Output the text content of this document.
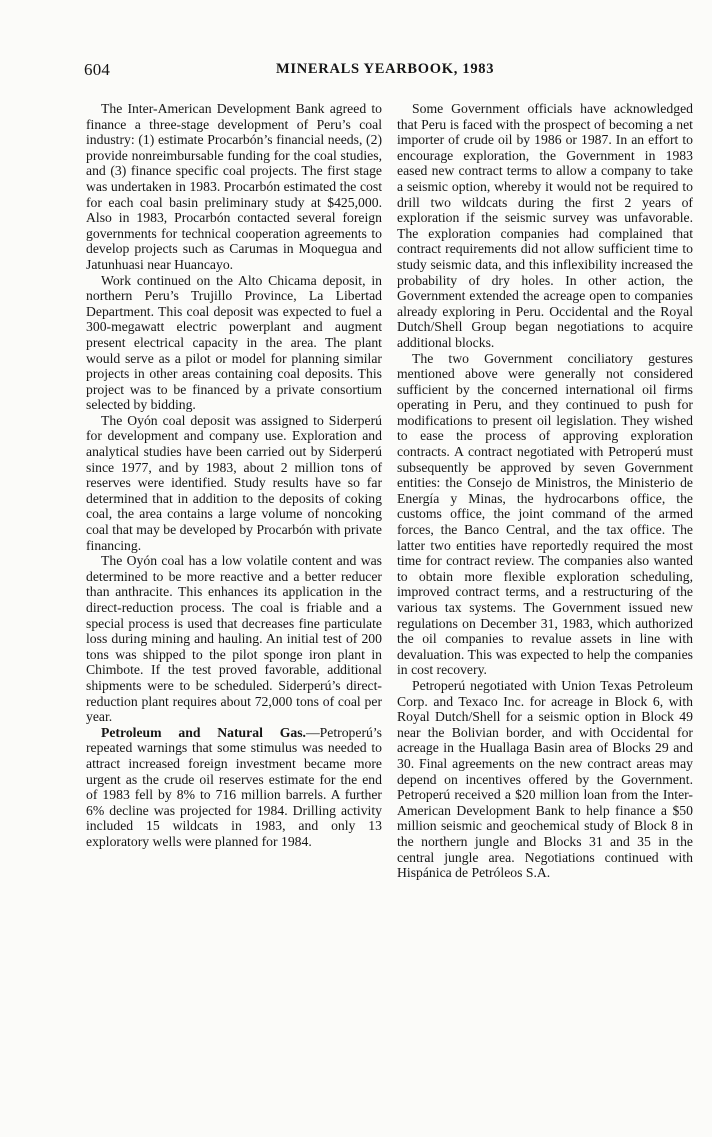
604	MINERALS YEARBOOK, 1983

The Inter-American Development Bank agreed to finance a three-stage development of Peru’s coal industry: (1) estimate Procarbón’s financial needs, (2) provide nonreimbursable funding for the coal studies, and (3) finance specific coal projects. The first stage was undertaken in 1983. Procarbón estimated the cost for each coal basin preliminary study at $425,000. Also in 1983, Procarbón contacted several foreign governments for technical cooperation agreements to develop projects such as Carumas in Moquegua and Jatunhuasi near Huancayo.

Work continued on the Alto Chicama deposit, in northern Peru’s Trujillo Province, La Libertad Department. This coal deposit was expected to fuel a 300-megawatt electric powerplant and augment present electrical capacity in the area. The plant would serve as a pilot or model for planning similar projects in other areas containing coal deposits. This project was to be financed by a private consortium selected by bidding.

The Oyón coal deposit was assigned to Siderperú for development and company use. Exploration and analytical studies have been carried out by Siderperú since 1977, and by 1983, about 2 million tons of reserves were identified. Study results have so far determined that in addition to the deposits of coking coal, the area contains a large volume of noncoking coal that may be developed by Procarbón with private financing.

The Oyón coal has a low volatile content and was determined to be more reactive and a better reducer than anthracite. This enhances its application in the direct-reduction process. The coal is friable and a special process is used that decreases fine particulate loss during mining and hauling. An initial test of 200 tons was shipped to the pilot sponge iron plant in Chimbote. If the test proved favorable, additional shipments were to be scheduled. Siderperú’s direct-reduction plant requires about 72,000 tons of coal per year.

Petroleum and Natural Gas.—Petroperú’s repeated warnings that some stimulus was needed to attract increased foreign investment became more urgent as the crude oil reserves estimate for the end of 1983 fell by 8% to 716 million barrels. A further 6% decline was projected for 1984. Drilling activity included 15 wildcats in 1983, and only 13 exploratory wells were planned for 1984.

Some Government officials have acknowledged that Peru is faced with the prospect of becoming a net importer of crude oil by 1986 or 1987. In an effort to encourage exploration, the Government in 1983 eased new contract terms to allow a company to take a seismic option, whereby it would not be required to drill two wildcats during the first 2 years of exploration if the seismic survey was unfavorable. The exploration companies had complained that contract requirements did not allow sufficient time to study seismic data, and this inflexibility increased the probability of dry holes. In other action, the Government extended the acreage open to companies already exploring in Peru. Occidental and the Royal Dutch/Shell Group began negotiations to acquire additional blocks.

The two Government conciliatory gestures mentioned above were generally not considered sufficient by the concerned international oil firms operating in Peru, and they continued to push for modifications to present oil legislation. They wished to ease the process of approving exploration contracts. A contract negotiated with Petroperú must subsequently be approved by seven Government entities: the Consejo de Ministros, the Ministerio de Energía y Minas, the hydrocarbons office, the customs office, the joint command of the armed forces, the Banco Central, and the tax office. The latter two entities have reportedly required the most time for contract review. The companies also wanted to obtain more flexible exploration scheduling, improved contract terms, and a restructuring of the various tax systems. The Government issued new regulations on December 31, 1983, which authorized the oil companies to revalue assets in line with devaluation. This was expected to help the companies in cost recovery.

Petroperú negotiated with Union Texas Petroleum Corp. and Texaco Inc. for acreage in Block 6, with Royal Dutch/Shell for a seismic option in Block 49 near the Bolivian border, and with Occidental for acreage in the Huallaga Basin area of Blocks 29 and 30. Final agreements on the new contract areas may depend on incentives offered by the Government. Petroperú received a $20 million loan from the Inter-American Development Bank to help finance a $50 million seismic and geochemical study of Block 8 in the northern jungle and Blocks 31 and 35 in the central jungle area. Negotiations continued with Hispánica de Petróleos S.A.
